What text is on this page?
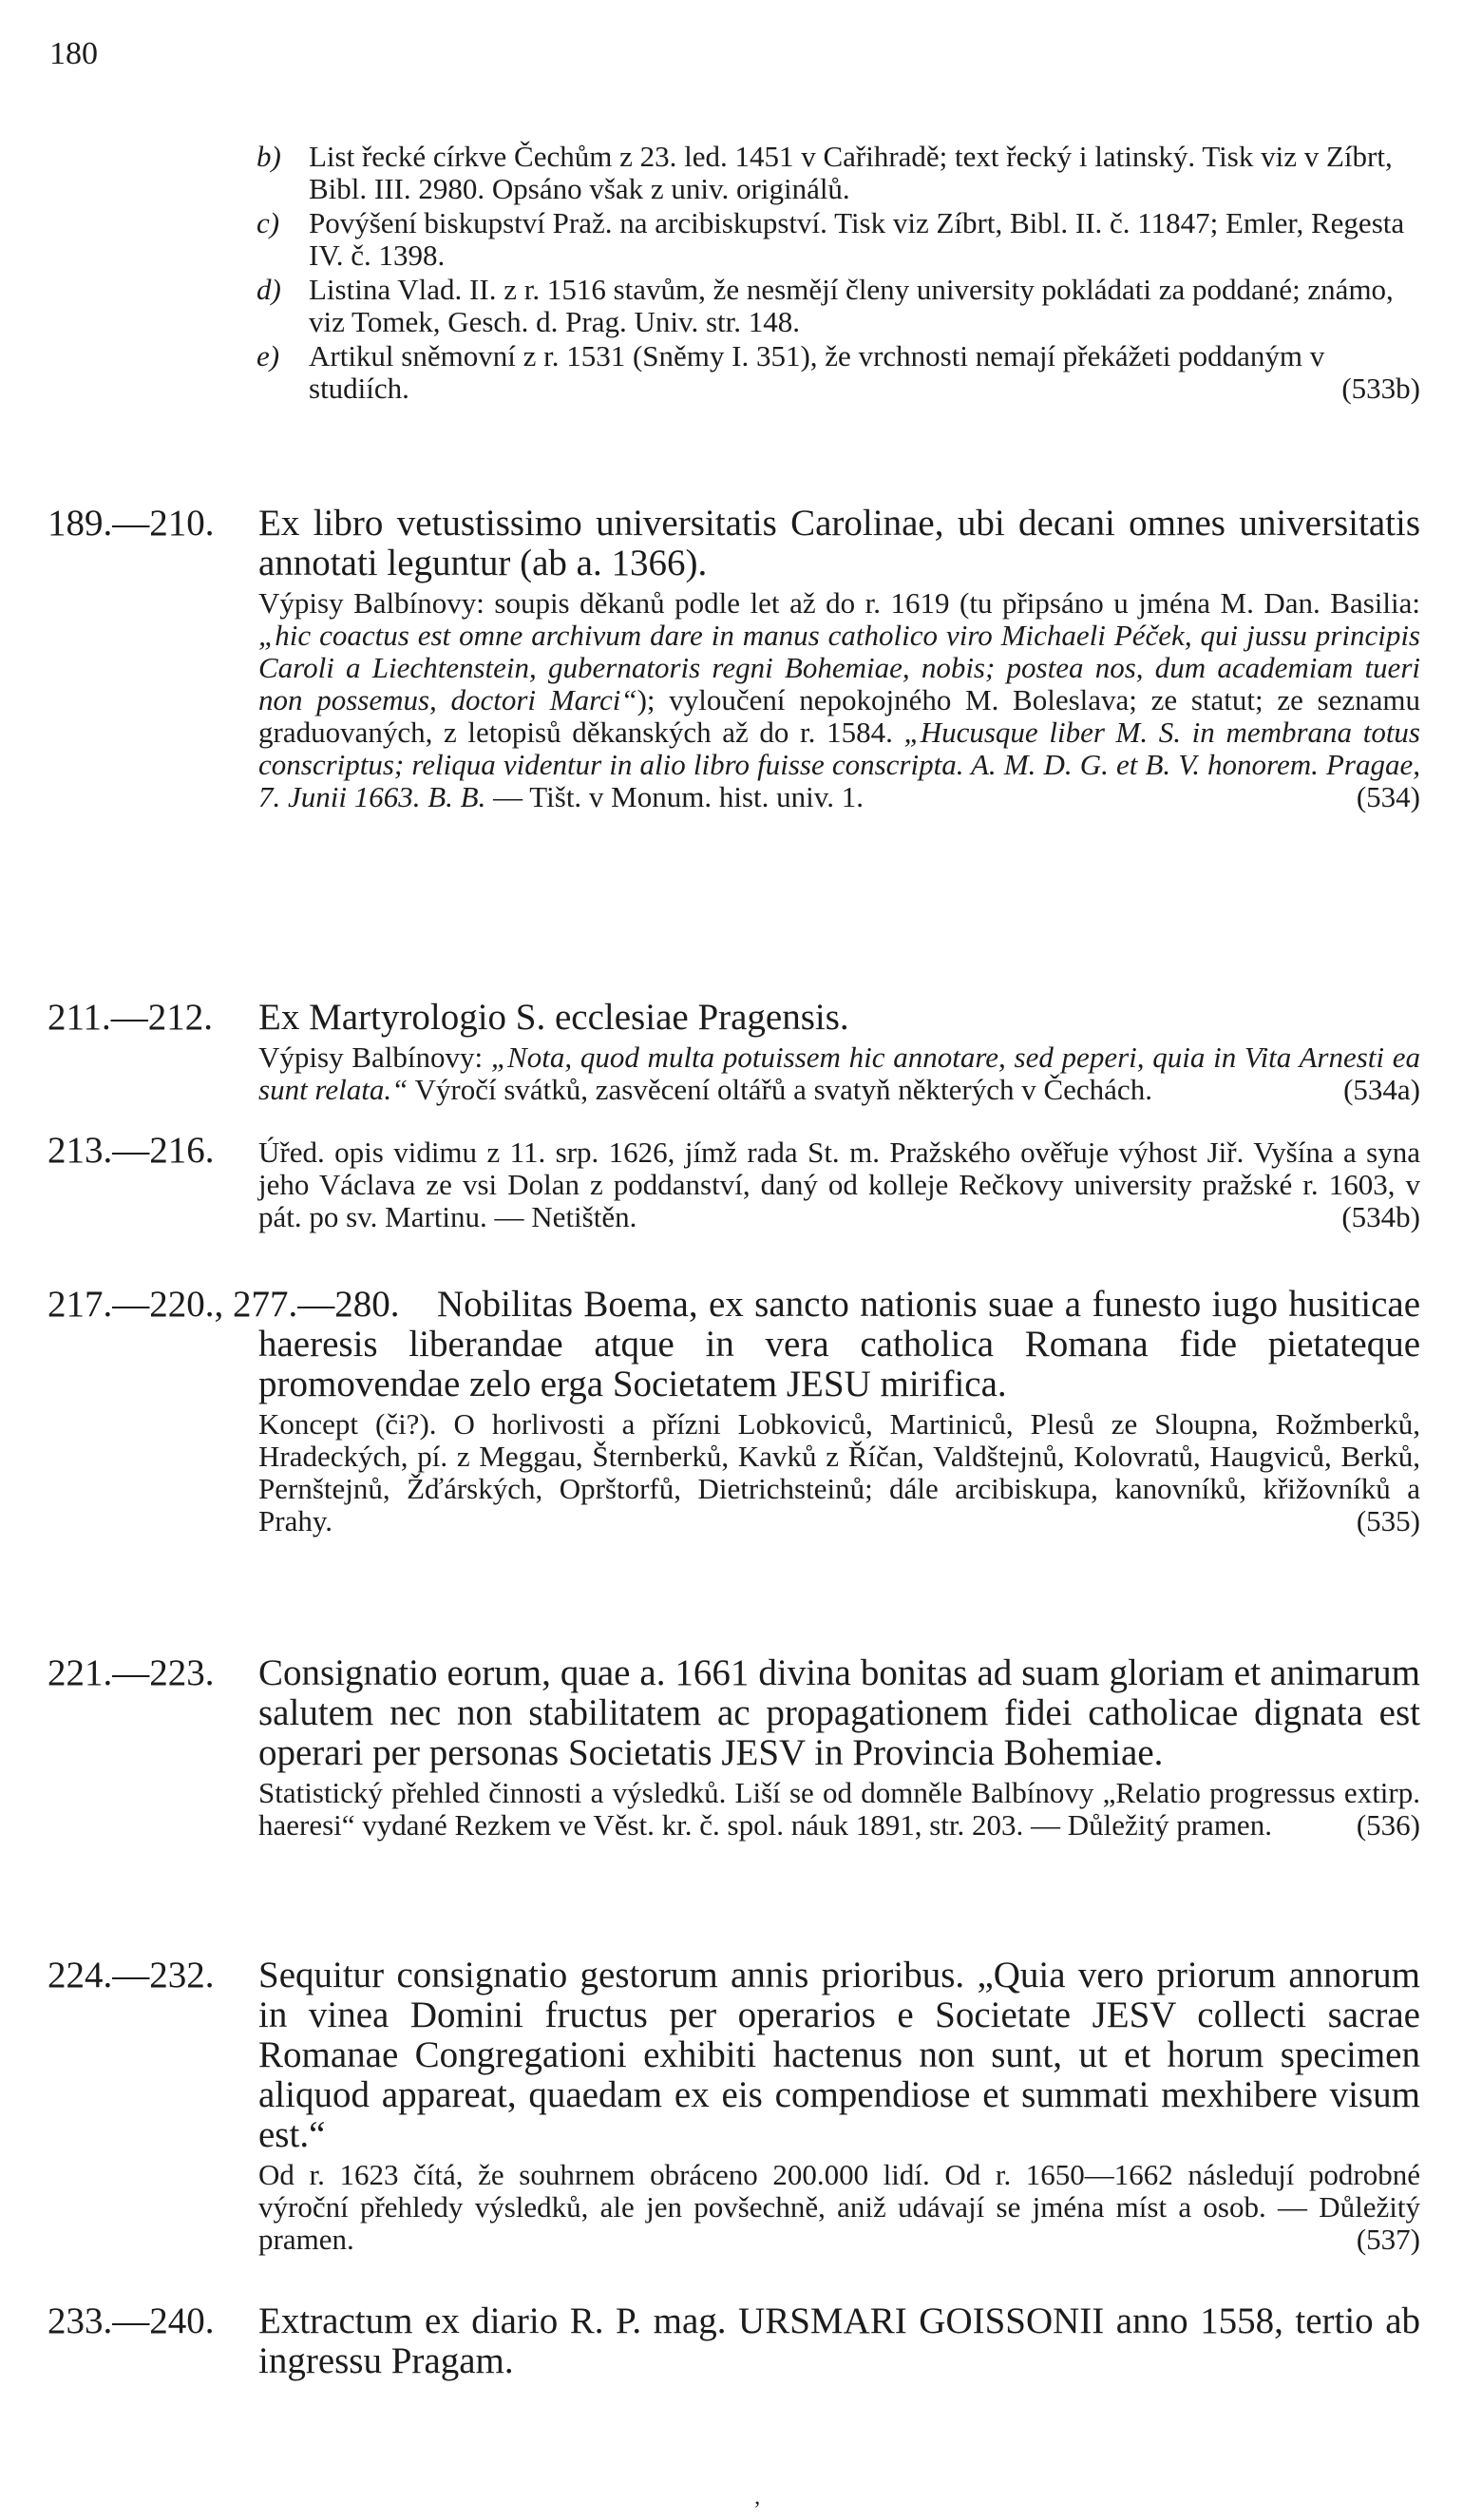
180
b) List řecké církve Čechům z 23. led. 1451 v Cařihradě; text řecký i latinský. Tisk viz v Zíbrt, Bibl. III. 2980. Opsáno však z univ. originálů.
c) Povýšení biskupství Praž. na arcibiskupství. Tisk viz Zíbrt, Bibl. II. č. 11847; Emler, Regesta IV. č. 1398.
d) Listina Vlad. II. z r. 1516 stavům, že nesmějí členy university pokládati za poddané; známo, viz Tomek, Gesch. d. Prag. Univ. str. 148.
e) Artikul sněmovní z r. 1531 (Sněmy I. 351), že vrchnosti nemají překážeti poddaným v studiích.	(533b)
189.—210. Ex libro vetustissimo universitatis Carolinae, ubi decani omnes universitatis annotati leguntur (ab a. 1366).
Výpisy Balbínovy: soupis děkanů podle let až do r. 1619 (tu připsáno u jména M. Dan. Basilia: „hic coactus est omne archivum dare in manus catholico viro Michaeli Péček, qui jussu principis Caroli a Liechtenstein, gubernatoris regni Bohemiae, nobis; postea nos, dum academiam tueri non possemus, doctori Marci“); vyloučení nepokojného M. Boleslava; ze statut; ze seznamu graduovaných, z letopisů děkanských až do r. 1584. „Hucusque liber M. S. in membrana totus conscriptus; reliqua videntur in alio libro fuisse conscripta. A. M. D. G. et B. V. honorem. Pragae, 7. Junii 1663. B. B. — Tišt. v Monum. hist. univ. 1.	(534)
211.—212. Ex Martyrologio S. ecclesiae Pragensis.
Výpisy Balbínovy: „Nota, quod multa potuissem hic annotare, sed peperi, quia in Vita Arnesti ea sunt relata.“ Výročí svátků, zasvěcení oltářů a svatyň některých v Čechách.	(534a)
213.—216. Úřed. opis vidimu z 11. srp. 1626, jímž rada St. m. Pražského ověřuje výhost Jiř. Vyšína a syna jeho Václava ze vsi Dolan z poddanství, daný od kolleje Rečkovy university pražské r. 1603, v pát. po sv. Martinu. — Netištěn.	(534b)
217.—220., 277.—280.	Nobilitas Boema, ex sancto nationis suae a funesto iugo husiticae haeresis liberandae atque in vera catholica Romana fide pietateque promovendae zelo erga Societatem JESU mirifica.
Koncept (či?). O horlivosti a přízni Lobkoviců, Martiniců, Plesů ze Sloupna, Rožmberků, Hradeckých, pí. z Meggau, Šternberků, Kavků z Říčan, Valdštejnů, Kolovratů, Haugviců, Berků, Pernštejnů, Žďárských, Oprštorfů, Dietrichsteinů; dále arcibiskupa, kanovníků, křižovníků a Prahy.	(535)
221.—223. Consignatio eorum, quae a. 1661 divina bonitas ad suam gloriam et animarum salutem nec non stabilitatem ac propagationem fidei catholicae dignata est operari per personas Societatis JESV in Provincia Bohemiae.
Statistický přehled činnosti a výsledků. Liší se od domněle Balbínovy „Relatio progressus extirp. haeresi“ vydané Rezkem ve Věst. kr. č. spol. náuk 1891, str. 203. — Důležitý pramen.	(536)
224.—232. Sequitur consignatio gestorum annis prioribus. „Quia vero priorum annorum in vinea Domini fructus per operarios e Societate JESV collecti sacrae Romanae Congregationi exhibiti hactenus non sunt, ut et horum specimen aliquod appareat, quaedam ex eis compendiose et summati mexhibere visum est.“
Od r. 1623 čítá, že souhrnem obráceno 200.000 lidí. Od r. 1650—1662 následují podrobné výroční přehledy výsledků, ale jen povšechně, aniž udávají se jména míst a osob. — Důležitý pramen.	(537)
233.—240. Extractum ex diario R. P. mag. URSMARI GOISSONII anno 1558, tertio ab ingressu Pragam.
‚
